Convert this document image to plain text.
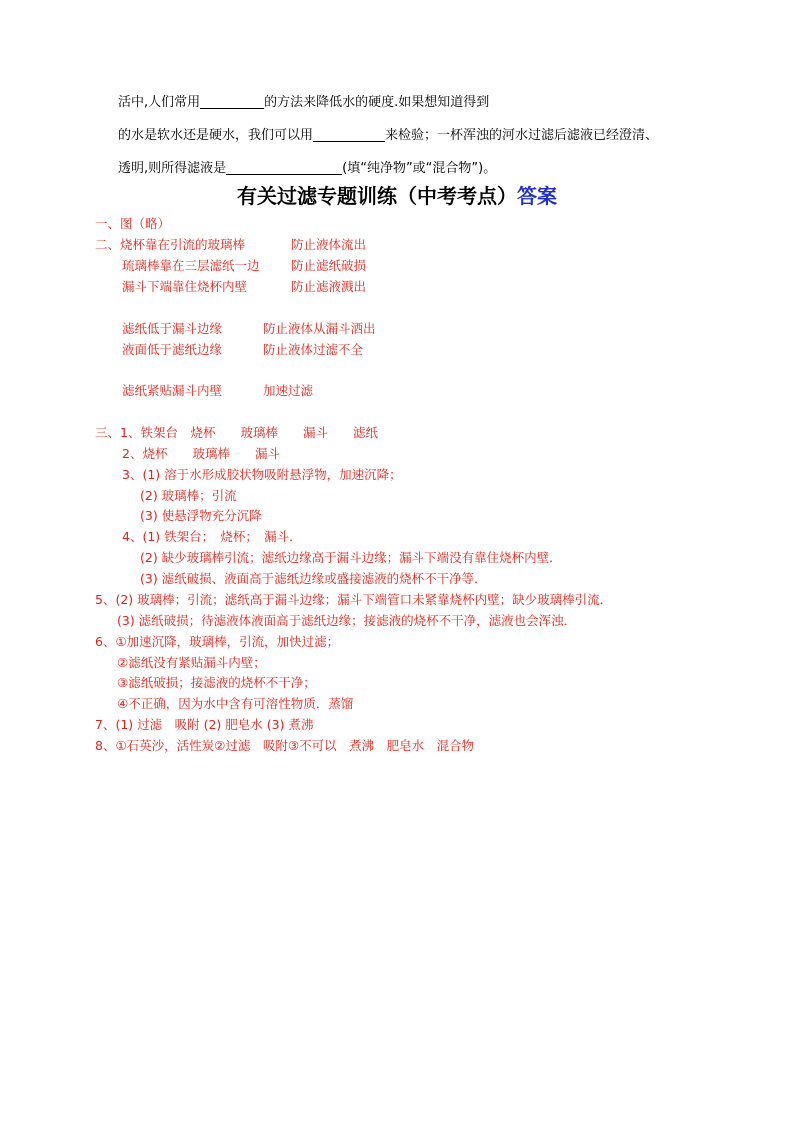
活中,人们常用	的方法来降低水的硬度.如果想知道得到
的水是软水还是硬水，我们可以用	来检验；一杯浑浊的河水过滤后滤液已经澄清、
透明,则所得滤液是	(填“纯净物”或“混合物”)。
有关过滤专题训练（中考考点）答案
一、图（略）
二、烧杯靠在引流的玻璃棒	防止液体流出
琉璃棒靠在三层滤纸一边	防止滤纸破损
漏斗下端靠住烧杯内壁	防止滤液溅出
滤纸低于漏斗边缘	防止液体从漏斗洒出
液面低于滤纸边缘	防止液体过滤不全
滤纸紧贴漏斗内壁	加速过滤
三、1、铁架台　烧杯　　玻璃棒　　漏斗　　滤纸
2、烧杯　　玻璃棒　　漏斗
3、(1) 溶于水形成胶状物吸附悬浮物，加速沉降；
(2) 玻璃棒；引流
(3) 使悬浮物充分沉降
4、(1) 铁架台；　烧杯；　漏斗．
(2) 缺少玻璃棒引流；滤纸边缘高于漏斗边缘；漏斗下端没有靠住烧杯内壁．
(3) 滤纸破损、液面高于滤纸边缘或盛接滤液的烧杯不干净等．
5、(2) 玻璃棒；引流；滤纸高于漏斗边缘；漏斗下端管口未紧靠烧杯内壁；缺少玻璃棒引流．
(3) 滤纸破损；待滤液体液面高于滤纸边缘；接滤液的烧杯不干净，滤液也会浑浊．
6、①加速沉降，玻璃棒，引流，加快过滤；
②滤纸没有紧贴漏斗内壁；
③滤纸破损；接滤液的烧杯不干净；
④不正确，因为水中含有可溶性物质．蒸馏
7、(1) 过滤　吸附 (2) 肥皂水 (3) 煮沸
8、①石英沙，活性炭②过滤　吸附③不可以　煮沸　肥皂水　混合物
